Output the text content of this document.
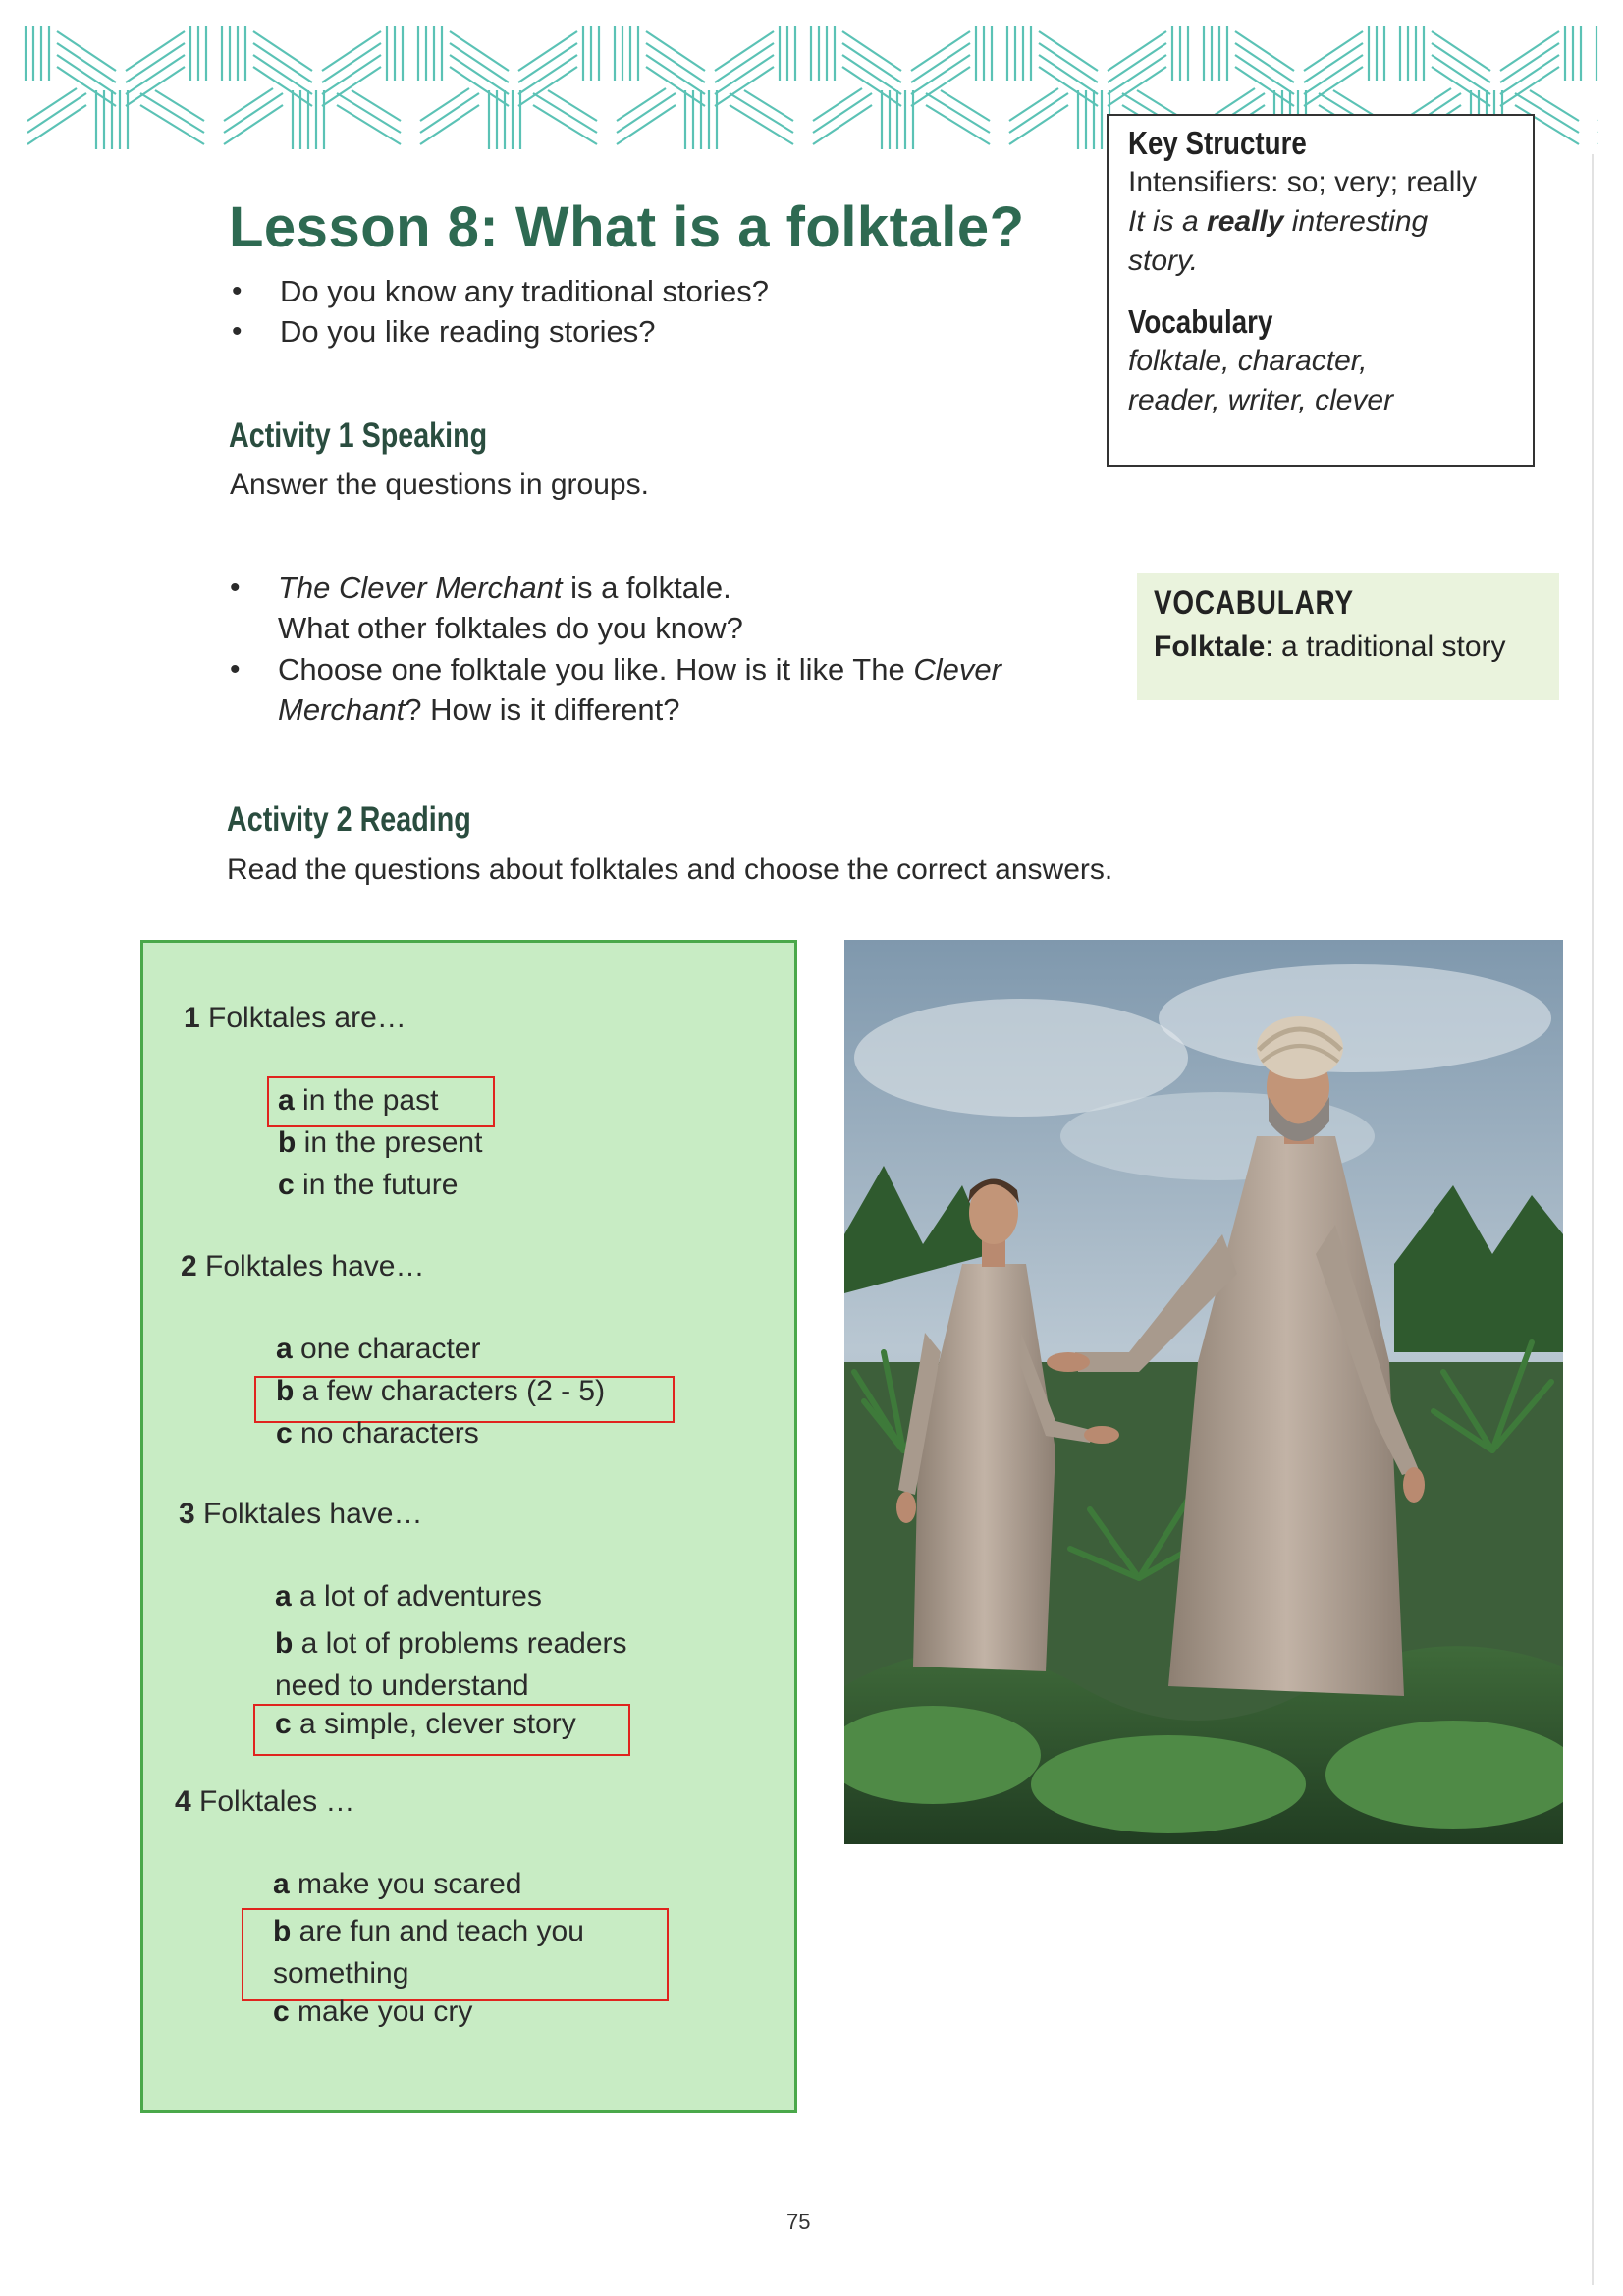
Lesson 8: What is a folktale?
• Do you know any traditional stories?
• Do you like reading stories?
Activity 1 Speaking
Answer the questions in groups.
• The Clever Merchant is a folktale.
What other folktales do you know?
• Choose one folktale you like. How is it like The Clever
Merchant? How is it different?
Key Structure
Intensifiers: so; very; really
It is a really interesting
story.
Vocabulary
folktale, character,
reader, writer, clever
VOCABULARY
Folktale: a traditional story
Activity 2 Reading
Read the questions about folktales and choose the correct answers.
1 Folktales are…
a in the past
b in the present
c in the future
2 Folktales have…
a one character
b a few characters (2 - 5)
c no characters
3 Folktales have…
a a lot of adventures
b a lot of problems readers
need to understand
c a simple, clever story
4 Folktales …
a make you scared
b are fun and teach you
something
c make you cry
75
